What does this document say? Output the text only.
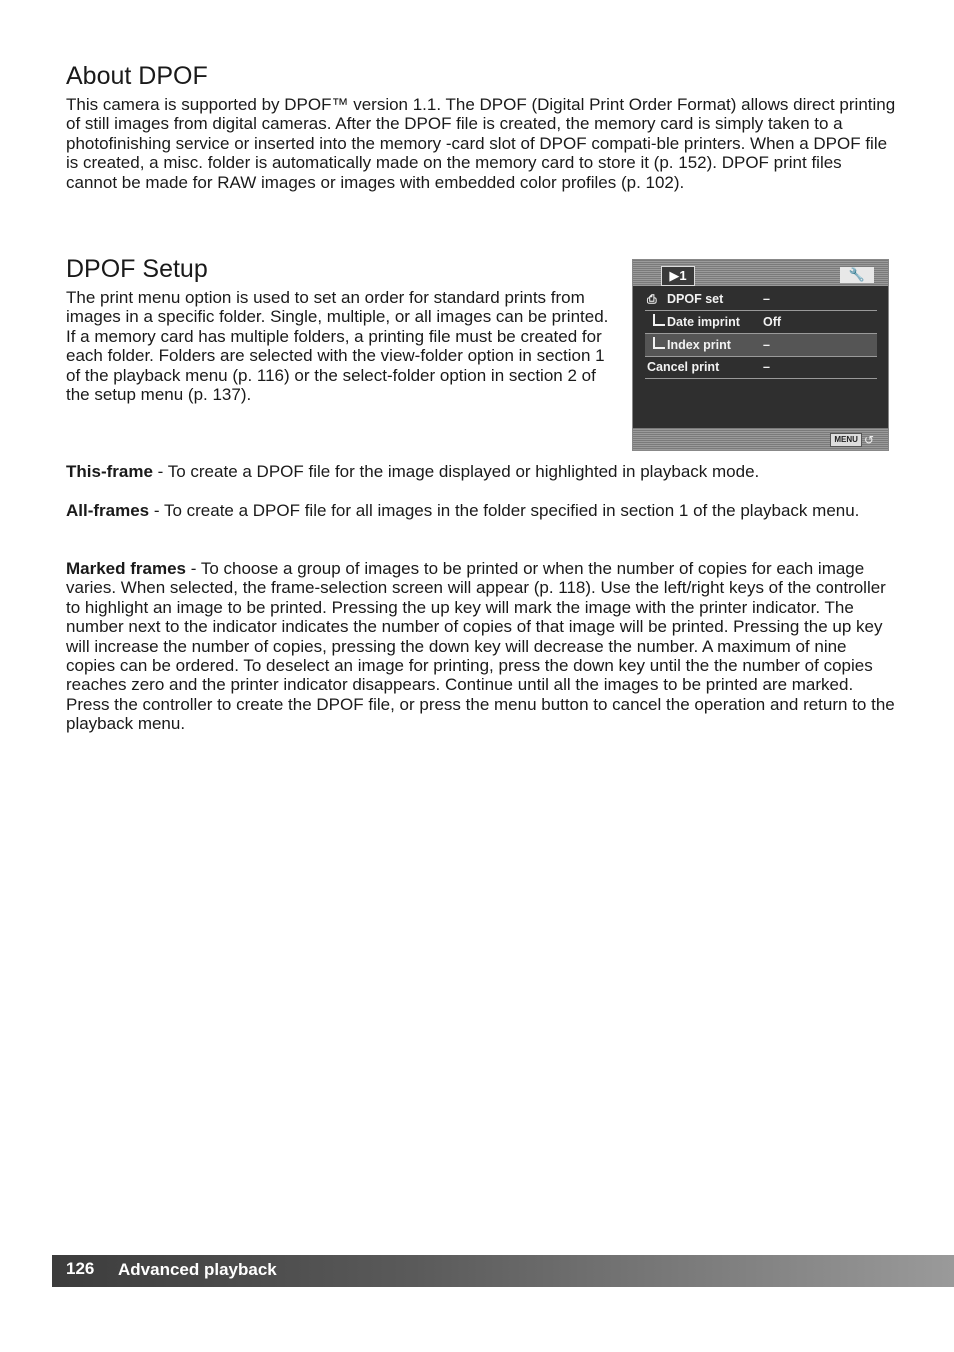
About DPOF

This camera is supported by DPOF™ version 1.1. The DPOF (Digital Print Order Format) allows direct printing of still images from digital cameras. After the DPOF file is created, the memory card is simply taken to a photofinishing service or inserted into the memory -card slot of DPOF compati-ble printers. When a DPOF file is created, a misc. folder is automatically made on the memory card to store it (p. 152). DPOF print files cannot be made for RAW images or images with embedded color profiles (p. 102).

DPOF Setup

The print menu option is used to set an order for standard prints from images in a specific folder. Single, multiple, or all images can be printed. If a memory card has multiple folders, a printing file must be created for each folder. Folders are selected with the view-folder option in section 1 of the playback menu (p. 116) or the select-folder option in section 2 of the setup menu (p. 137).

▶1	🔧
⎙ DPOF set	–
Date imprint Off
Index print	–
Cancel print	–
MENU ↺

This-frame - To create a DPOF file for the image displayed or highlighted in playback mode.

All-frames - To create a DPOF file for all images in the folder specified in section 1 of the playback menu.

Marked frames - To choose a group of images to be printed or when the number of copies for each image varies. When selected, the frame-selection screen will appear (p. 118). Use the left/right keys of the controller to highlight an image to be printed. Pressing the up key will mark the image with the printer indicator. The number next to the indicator indicates the number of copies of that image will be printed. Pressing the up key will increase the number of copies, pressing the down key will decrease the number. A maximum of nine copies can be ordered. To deselect an image for printing, press the down key until the the number of copies reaches zero and the printer indicator disappears. Continue until all the images to be printed are marked. Press the controller to create the DPOF file, or press the menu button to cancel the operation and return to the playback menu.

126 Advanced playback
